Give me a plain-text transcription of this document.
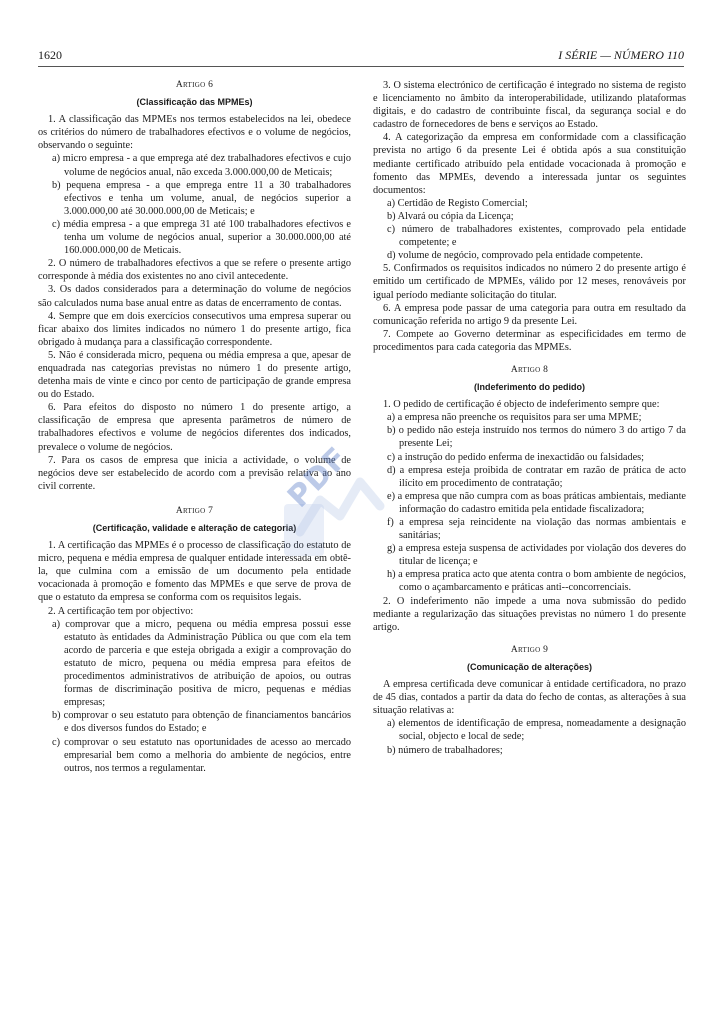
1620	I SÉRIE — NÚMERO 110
Artigo 6
(Classificação das MPMEs)

1. A classificação das MPMEs nos termos estabelecidos na lei, obedece os critérios do número de trabalhadores efectivos e o volume de negócios, observando o seguinte:

a) micro empresa - a que emprega até dez trabalhadores efectivos e cujo volume de negócios anual, não exceda 3.000.000,00 de Meticais;

b) pequena empresa - a que emprega entre 11 a 30 trabalhadores efectivos e tenha um volume, anual, de negócios superior a 3.000.000,00 até 30.000.000,00 de Meticais; e

c) média empresa - a que emprega 31 até 100 trabalhadores efectivos e tenha um volume de negócios anual, superior a 30.000.000,00 até 160.000.000,00 de Meticais.

2. O número de trabalhadores efectivos a que se refere o presente artigo corresponde à média dos existentes no ano civil antecedente.

3. Os dados considerados para a determinação do volume de negócios são calculados numa base anual entre as datas de encerramento de contas.

4. Sempre que em dois exercícios consecutivos uma empresa superar ou ficar abaixo dos limites indicados no número 1 do presente artigo, fica obrigado à mudança para a classificação correspondente.

5. Não é considerada micro, pequena ou média empresa a que, apesar de enquadrada nas categorias previstas no número 1 do presente artigo, detenha mais de vinte e cinco por cento de participação de grande empresa ou do Estado.

6. Para efeitos do disposto no número 1 do presente artigo, a classificação de empresa que apresenta parâmetros de número de trabalhadores efectivos e volume de negócios diferentes dos indicados, prevalece o volume de negócios.

7. Para os casos de empresa que inicia a actividade, o volume de negócios deve ser estabelecido de acordo com a previsão relativa ao ano civil corrente.

Artigo 7
(Certificação, validade e alteração de categoria)

1. A certificação das MPMEs é o processo de classificação do estatuto de micro, pequena e média empresa de qualquer entidade interessada em obtê-la, que culmina com a emissão de um documento pela entidade vocacionada à promoção e fomento das MPMEs e que serve de prova de que o estatuto da empresa se conforma com os requisitos legais.

2. A certificação tem por objectivo:

a) comprovar que a micro, pequena ou média empresa possui esse estatuto às entidades da Administração Pública ou que com ela tem acordo de parceria e que esteja obrigada a exigir a comprovação do estatuto de micro, pequena ou média empresa para efeitos de procedimentos administrativos de atribuição de apoios, ou outras formas de discriminação positiva de micro, pequenas e médias empresas;

b) comprovar o seu estatuto para obtenção de financiamentos bancários e dos diversos fundos do Estado; e

c) comprovar o seu estatuto nas oportunidades de acesso ao mercado empresarial bem como a melhoria do ambiente de negócios, entre outros, nos termos a regulamentar.

3. O sistema electrónico de certificação é integrado no sistema de registo e licenciamento no âmbito da interoperabilidade, utilizando plataformas digitais, e do cadastro de contribuinte fiscal, da segurança social e do cadastro de fornecedores de bens e serviços ao Estado.

4. A categorização da empresa em conformidade com a classificação prevista no artigo 6 da presente Lei é obtida após a sua constituição mediante certificado atribuído pela entidade vocacionada à promoção e fomento das MPMEs, devendo a interessada juntar os seguintes documentos:

a) Certidão de Registo Comercial;

b) Alvará ou cópia da Licença;

c) número de trabalhadores existentes, comprovado pela entidade competente; e

d) volume de negócio, comprovado pela entidade competente.

5. Confirmados os requisitos indicados no número 2 do presente artigo é emitido um certificado de MPMEs, válido por 12 meses, renováveis por igual período mediante solicitação do titular.

6. A empresa pode passar de uma categoria para outra em resultado da comunicação referida no artigo 9 da presente Lei.

7. Compete ao Governo determinar as especificidades em termo de procedimentos para cada categoria das MPMEs.

Artigo 8
(Indeferimento do pedido)

1. O pedido de certificação é objecto de indeferimento sempre que:

a) a empresa não preenche os requisitos para ser uma MPME;

b) o pedido não esteja instruído nos termos do número 3 do artigo 7 da presente Lei;

c) a instrução do pedido enferma de inexactidão ou falsidades;

d) a empresa esteja proibida de contratar em razão de prática de acto ilícito em procedimento de contratação;

e) a empresa que não cumpra com as boas práticas ambientais, mediante informação do cadastro emitida pela entidade fiscalizadora;

f) a empresa seja reincidente na violação das normas ambientais e sanitárias;

g) a empresa esteja suspensa de actividades por violação dos deveres do titular de licença; e

h) a empresa pratica acto que atenta contra o bom ambiente de negócios, como o açambarcamento e práticas anti--concorrenciais.

2. O indeferimento não impede a uma nova submissão do pedido mediante a regularização das situações previstas no número 1 do presente artigo.

Artigo 9
(Comunicação de alterações)

A empresa certificada deve comunicar à entidade certificadora, no prazo de 45 dias, contados a partir da data do fecho de contas, as alterações à sua situação relativas a:

a) elementos de identificação de empresa, nomeadamente a designação social, objecto e local de sede;

b) número de trabalhadores;

PDF
